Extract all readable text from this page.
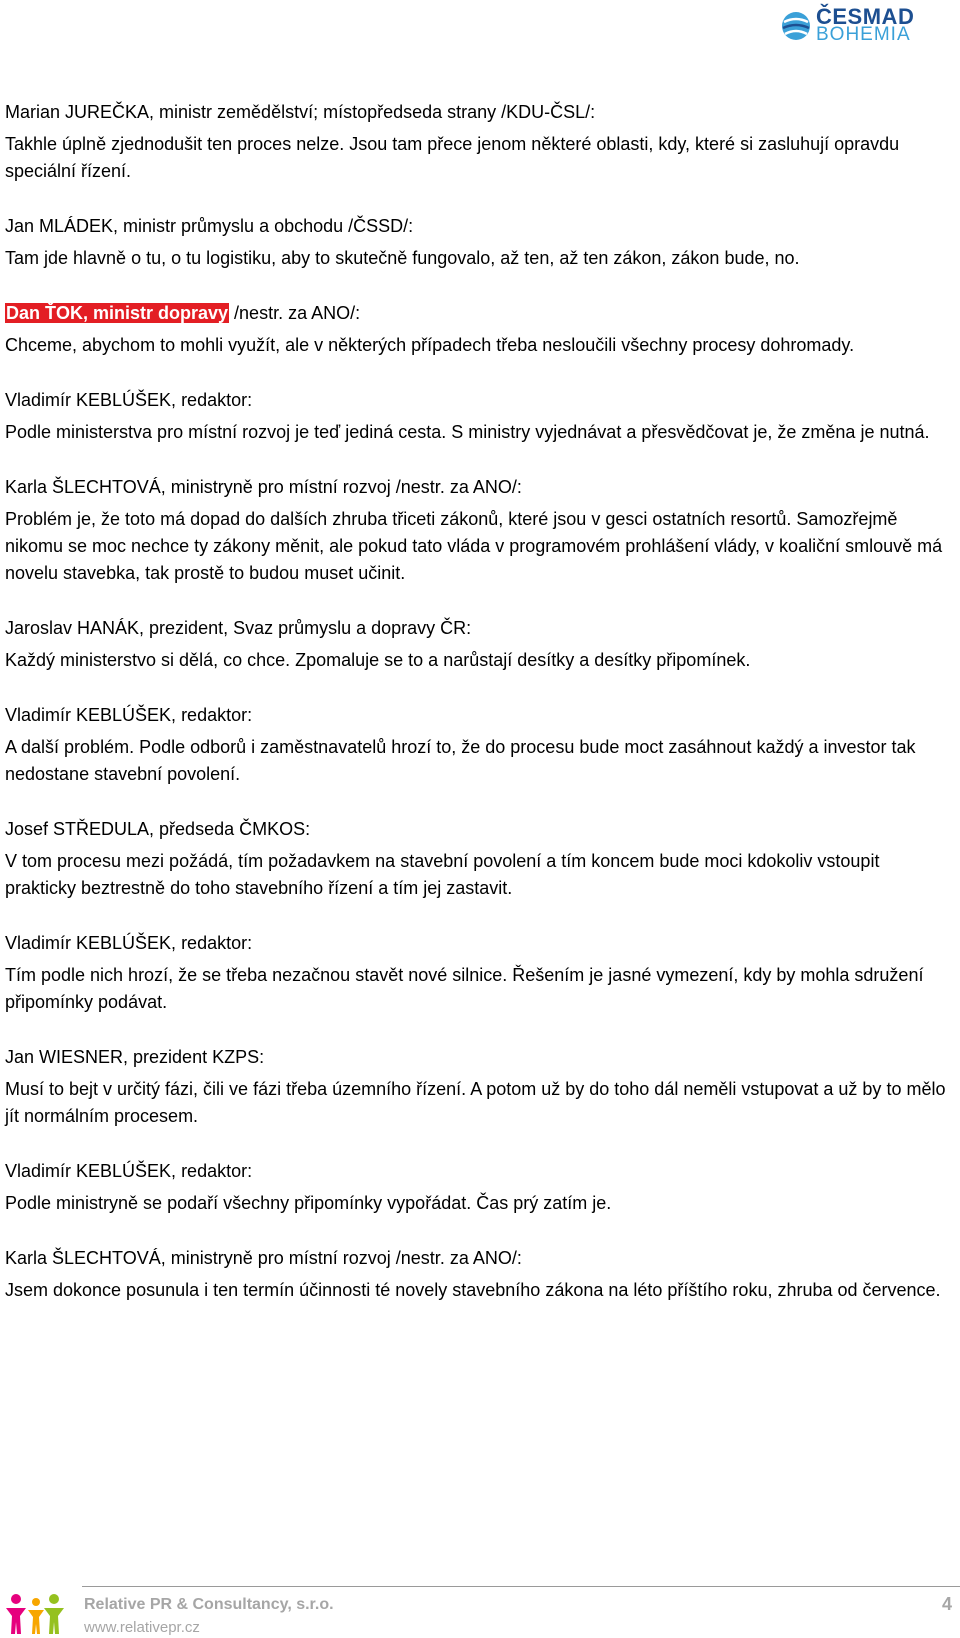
ČESMAD
BOHEMIA

Marian JUREČKA, ministr zemědělství; místopředseda strany /KDU-ČSL/:

Takhle úplně zjednodušit ten proces nelze. Jsou tam přece jenom některé oblasti, kdy, které si zasluhují opravdu speciální řízení.

Jan MLÁDEK, ministr průmyslu a obchodu /ČSSD/:

Tam jde hlavně o tu, o tu logistiku, aby to skutečně fungovalo, až ten, až ten zákon, zákon bude, no.

Dan ŤOK, ministr dopravy /nestr. za ANO/:

Chceme, abychom to mohli využít, ale v některých případech třeba nesloučili všechny procesy dohromady.

Vladimír KEBLÚŠEK, redaktor:

Podle ministerstva pro místní rozvoj je teď jediná cesta. S ministry vyjednávat a přesvědčovat je, že změna je nutná.

Karla ŠLECHTOVÁ, ministryně pro místní rozvoj /nestr. za ANO/:

Problém je, že toto má dopad do dalších zhruba třiceti zákonů, které jsou v gesci ostatních resortů. Samozřejmě nikomu se moc nechce ty zákony měnit, ale pokud tato vláda v programovém prohlášení vlády, v koaliční smlouvě má novelu stavebka, tak prostě to budou muset učinit.

Jaroslav HANÁK, prezident, Svaz průmyslu a dopravy ČR:

Každý ministerstvo si dělá, co chce. Zpomaluje se to a narůstají desítky a desítky připomínek.

Vladimír KEBLÚŠEK, redaktor:

A další problém. Podle odborů i zaměstnavatelů hrozí to, že do procesu bude moct zasáhnout každý a investor tak nedostane stavební povolení.

Josef STŘEDULA, předseda ČMKOS:

V tom procesu mezi požádá, tím požadavkem na stavební povolení a tím koncem bude moci kdokoliv vstoupit prakticky beztrestně do toho stavebního řízení a tím jej zastavit.

Vladimír KEBLÚŠEK, redaktor:

Tím podle nich hrozí, že se třeba nezačnou stavět nové silnice. Řešením je jasné vymezení, kdy by mohla sdružení připomínky podávat.

Jan WIESNER, prezident KZPS:

Musí to bejt v určitý fázi, čili ve fázi třeba územního řízení. A potom už by do toho dál neměli vstupovat a už by to mělo jít normálním procesem.

Vladimír KEBLÚŠEK, redaktor:

Podle ministryně se podaří všechny připomínky vypořádat. Čas prý zatím je.

Karla ŠLECHTOVÁ, ministryně pro místní rozvoj /nestr. za ANO/:

Jsem dokonce posunula i ten termín účinnosti té novely stavebního zákona na léto příštího roku, zhruba od července.

Relative PR & Consultancy, s.r.o.
www.relativepr.cz
4
